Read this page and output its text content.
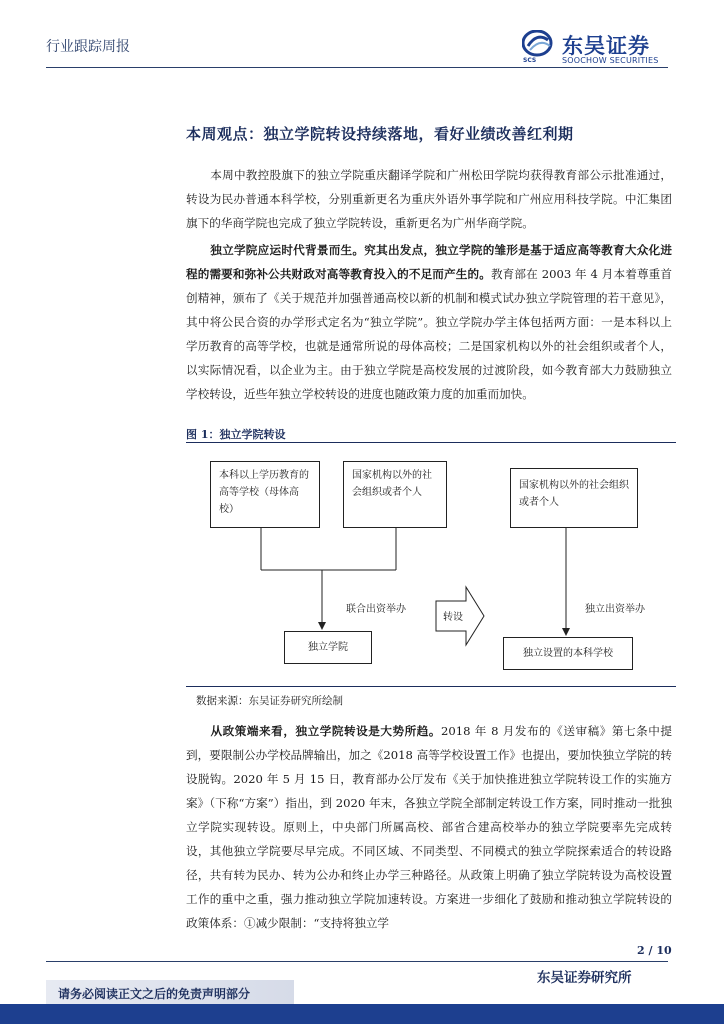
行业跟踪周报
SCS
东吴证券
SOOCHOW SECURITIES
本周观点：独立学院转设持续落地，看好业绩改善红利期
本周中教控股旗下的独立学院重庆翻译学院和广州松田学院均获得教育部公示批准通过，转设为民办普通本科学校，分别重新更名为重庆外语外事学院和广州应用科技学院。中汇集团旗下的华商学院也完成了独立学院转设，重新更名为广州华商学院。
独立学院应运时代背景而生。究其出发点，独立学院的雏形是基于适应高等教育大众化进程的需要和弥补公共财政对高等教育投入的不足而产生的。教育部在 2003 年 4 月本着尊重首创精神，颁布了《关于规范并加强普通高校以新的机制和模式试办独立学院管理的若干意见》，其中将公民合资的办学形式定名为“独立学院”。独立学院办学主体包括两方面：一是本科以上学历教育的高等学校，也就是通常所说的母体高校；二是国家机构以外的社会组织或者个人，以实际情况看，以企业为主。由于独立学院是高校发展的过渡阶段，如今教育部大力鼓励独立学校转设，近些年独立学校转设的进度也随政策力度的加重而加快。
图 1：独立学院转设
本科以上学历教育的高等学校（母体高校）
国家机构以外的社会组织或者个人
国家机构以外的社会组织或者个人
独立学院
独立设置的本科学校
联合出资举办
转设
独立出资举办
数据来源：东吴证券研究所绘制
从政策端来看，独立学院转设是大势所趋。2018 年 8 月发布的《送审稿》第七条中提到，要限制公办学校品牌输出，加之《2018 高等学校设置工作》也提出，要加快独立学院的转设脱钩。2020 年 5 月 15 日，教育部办公厅发布《关于加快推进独立学院转设工作的实施方案》（下称“方案”）指出，到 2020 年末，各独立学院全部制定转设工作方案，同时推动一批独立学院实现转设。原则上，中央部门所属高校、部省合建高校举办的独立学院要率先完成转设，其他独立学院要尽早完成。不同区域、不同类型、不同模式的独立学院探索适合的转设路径，共有转为民办、转为公办和终止办学三种路径。从政策上明确了独立学院转设为高校设置工作的重中之重，强力推动独立学院加速转设。方案进一步细化了鼓励和推动独立学院转设的政策体系：①减少限制：“支持将独立学
2 / 10
东吴证券研究所
请务必阅读正文之后的免责声明部分
